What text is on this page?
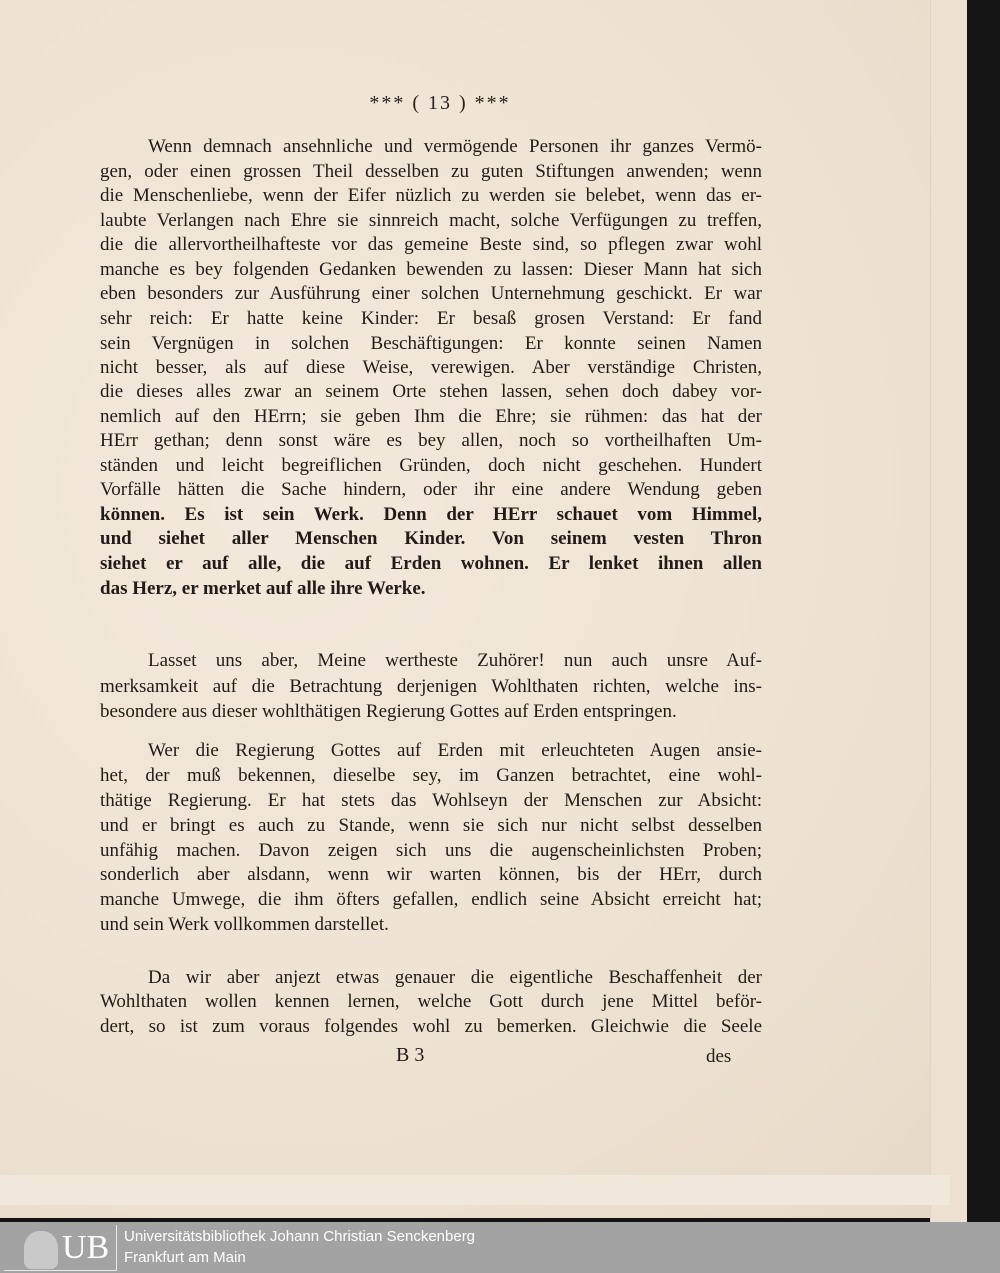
*** ( 13 ) ***
Wenn demnach ansehnliche und vermögende Personen ihr ganzes Vermö-
gen, oder einen grossen Theil desselben zu guten Stiftungen anwenden; wenn
die Menschenliebe, wenn der Eifer nüzlich zu werden sie belebet, wenn das er-
laubte Verlangen nach Ehre sie sinnreich macht, solche Verfügungen zu treffen,
die die allervortheilhafteste vor das gemeine Beste sind, so pflegen zwar wohl
manche es bey folgenden Gedanken bewenden zu lassen: Dieser Mann hat sich
eben besonders zur Ausführung einer solchen Unternehmung geschickt. Er war
sehr reich: Er hatte keine Kinder: Er besaß grosen Verstand: Er fand
sein Vergnügen in solchen Beschäftigungen: Er konnte seinen Namen
nicht besser, als auf diese Weise, verewigen. Aber verständige Christen,
die dieses alles zwar an seinem Orte stehen lassen, sehen doch dabey vor-
nemlich auf den HErrn; sie geben Ihm die Ehre; sie rühmen: das hat der
HErr gethan; denn sonst wäre es bey allen, noch so vortheilhaften Um-
ständen und leicht begreiflichen Gründen, doch nicht geschehen. Hundert
Vorfälle hätten die Sache hindern, oder ihr eine andere Wendung geben
können. Es ist sein Werk. Denn der HErr schauet vom Himmel,
und siehet aller Menschen Kinder. Von seinem vesten Thron
siehet er auf alle, die auf Erden wohnen. Er lenket ihnen allen
das Herz, er merket auf alle ihre Werke.
Lasset uns aber, Meine wertheste Zuhörer! nun auch unsre Auf-
merksamkeit auf die Betrachtung derjenigen Wohlthaten richten, welche ins-
besondere aus dieser wohlthätigen Regierung Gottes auf Erden entspringen.
Wer die Regierung Gottes auf Erden mit erleuchteten Augen ansie-
het, der muß bekennen, dieselbe sey, im Ganzen betrachtet, eine wohl-
thätige Regierung. Er hat stets das Wohlseyn der Menschen zur Absicht:
und er bringt es auch zu Stande, wenn sie sich nur nicht selbst desselben
unfähig machen. Davon zeigen sich uns die augenscheinlichsten Proben;
sonderlich aber alsdann, wenn wir warten können, bis der HErr, durch
manche Umwege, die ihm öfters gefallen, endlich seine Absicht erreicht hat;
und sein Werk vollkommen darstellet.
Da wir aber anjezt etwas genauer die eigentliche Beschaffenheit der
Wohlthaten wollen kennen lernen, welche Gott durch jene Mittel beför-
dert, so ist zum voraus folgendes wohl zu bemerken. Gleichwie die Seele
B 3	des
UB Universitätsbibliothek Johann Christian Senckenberg
Frankfurt am Main
